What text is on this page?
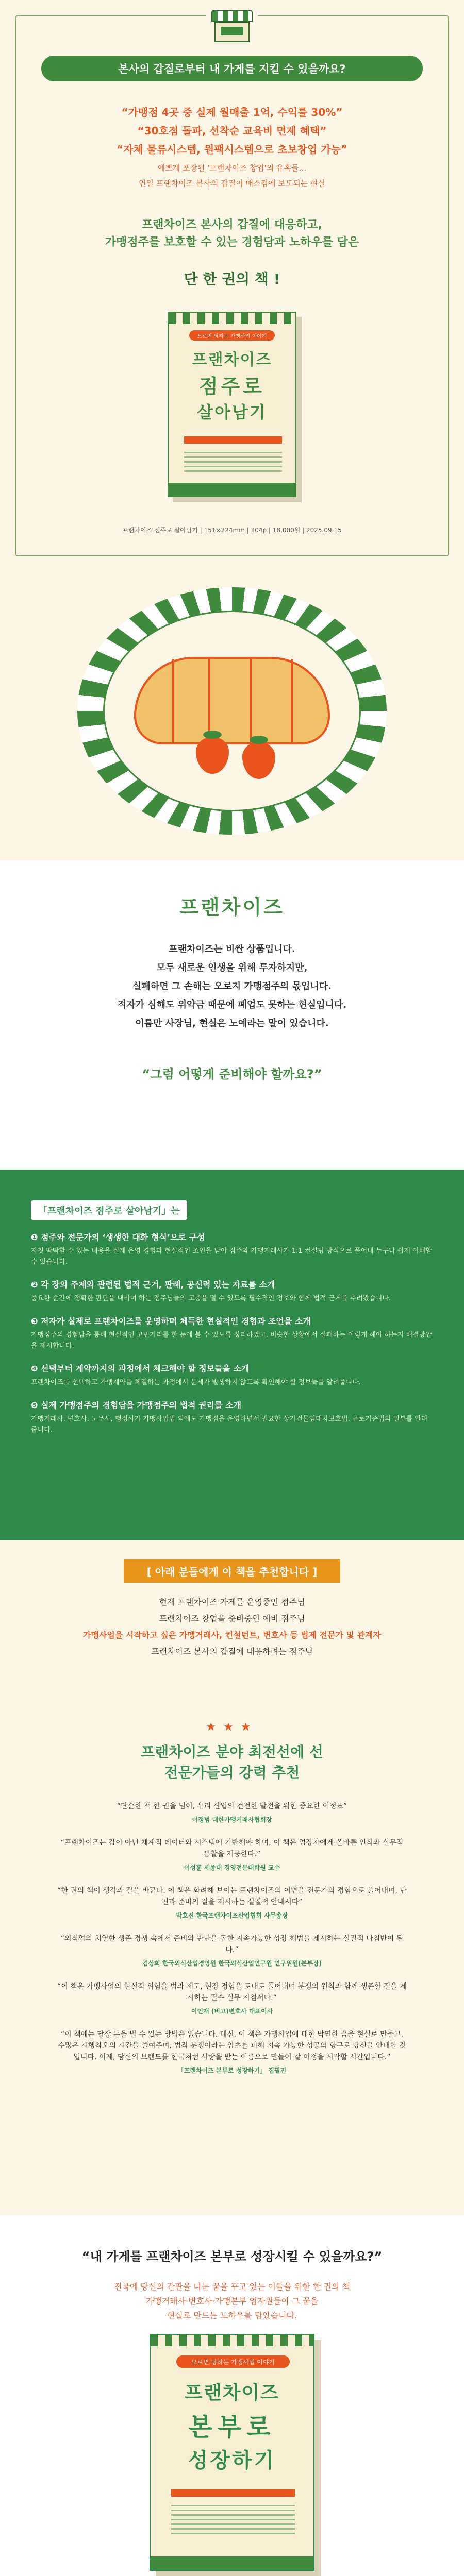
본사의 갑질로부터 내 가게를 지킬 수 있을까요?
“가맹점 4곳 중 실제 월매출 1억, 수익률 30%”
“30호점 돌파, 선착순 교육비 면제 혜택”
“자체 물류시스템, 원팩시스템으로 초보창업 가능”
예쁘게 포장된 '프랜차이즈 창업'의 유혹들…
연일 프랜차이즈 본사의 갑질이 매스컴에 보도되는 현실
프랜차이즈 본사의 갑질에 대응하고,
가맹점주를 보호할 수 있는 경험담과 노하우를 담은
단 한 권의 책 !
모르면 당하는 가맹사업 이야기
프랜차이즈
점주로
살아남기
프랜차이즈 점주로 살아남기 | 151×224mm | 204p | 18,000원 | 2025.09.15
프랜차이즈
프랜차이즈는 비싼 상품입니다.
모두 새로운 인생을 위해 투자하지만,
실패하면 그 손해는 오로지 가맹점주의 몫입니다.
적자가 심해도 위약금 때문에 폐업도 못하는 현실입니다.
이름만 사장님, 현실은 노예라는 말이 있습니다.
“그럼 어떻게 준비해야 할까요?”
「프랜차이즈 점주로 살아남기」는
❶ 점주와 전문가의 ‘생생한 대화 형식’으로 구성
자칫 딱딱할 수 있는 내용을 실제 운영 경험과 현실적인 조언을 담아 점주와 가맹거래사가 1:1 컨설팅 방식으로 풀어내 누구나 쉽게 이해할 수 있습니다.
❷ 각 장의 주제와 관련된 법적 근거, 판례, 공신력 있는 자료를 소개
중요한 순간에 정확한 판단을 내리며 하는 점주님들의 고충을 덜 수 있도록 필수적인 정보와 함께 법적 근거를 추려봤습니다.
❸ 저자가 실제로 프랜차이즈를 운영하며 체득한 현실적인 경험과 조언을 소개
가맹점주의 경험담을 통해 현실적인 고민거리를 한 눈에 볼 수 있도록 정리하였고, 비슷한 상황에서 실패하는 이렇게 해야 하는지 해결방안을 제시합니다.
❹ 선택부터 계약까지의 과정에서 체크해야 할 정보들을 소개
프랜차이즈를 선택하고 가맹계약을 체결하는 과정에서 문제가 발생하지 않도록 확인해야 할 정보들을 알려줍니다.
❺ 실제 가맹점주의 경험담을 가맹점주의 법적 권리를 소개
가맹거래사, 변호사, 노무사, 행정사가 가맹사업법 외에도 가맹점을 운영하면서 필요한 상가건물임대차보호법, 근로기준법의 일부를 알려줍니다.
[ 아래 분들에게 이 책을 추천합니다 ]
현재 프랜차이즈 가게를 운영중인 점주님
프랜차이즈 창업을 준비중인 예비 점주님
가맹사업을 시작하고 싶은 가맹거래사, 컨설턴트, 변호사 등 법제 전문가 및 관계자
프랜차이즈 본사의 갑질에 대응하려는 점주님
★★★
프랜차이즈 분야 최전선에 선
전문가들의 강력 추천
“단순한 책 한 권을 넘어, 우리 산업의 건전한 발전을 위한 중요한 이정표”
이정범 대한가맹거래사협회장
“프랜차이즈는 갑이 아닌 체계적 데이터와 시스템에 기반해야 하며, 이 책은 업장자에게 올바른 인식과 실무적 통찰을 제공한다.”
이성훈 세종대 경영전문대학원 교수
“한 권의 책이 생각과 길을 바꾼다. 이 책은 화려해 보이는 프랜차이즈의 이면을 전문가의 경험으로 풀어내며, 단편과 준비의 길을 제시하는 실질적 안내서다”
박호진 한국프랜차이즈산업협회 사무총장
“외식업의 치열한 생존 경쟁 속에서 준비와 판단을 돕한 지속가능한 성장 해법을 제시하는 실질적 나침반이 된다.”
김상희 한국외식산업경영원 한국외식산업연구원 연구위원(본부장)
“이 책은 가맹사업의 현실적 위험을 법과 제도, 현장 경험을 토대로 풀어내며 분쟁의 원칙과 함께 생존할 길을 제시하는 필수 실무 지침서다.”
이인재 (비고)변호사 대표이사
“이 책에는 당장 돈을 벌 수 있는 방법은 없습니다. 대신, 이 책은 가맹사업에 대한 막연한 꿈을 현실로 만들고, 수많은 시행착오의 시간을 줄여주며, 법적 분쟁이라는 암초를 피해 지속 가능한 성공의 항구로 당신을 안내할 것입니다. 이제, 당신의 브랜드를 한국처럼 사랑을 받는 이름으로 만들어 갈 여정을 시작할 시간입니다.”
「프랜차이즈 본부로 성장하기」 집필진
“내 가게를 프랜차이즈 본부로 성장시킬 수 있을까요?”
전국에 당신의 간판을 다는 꿈을 꾸고 있는 이들을 위한 한 권의 책
가맹거래사·변호사·가맹본부 업자원들이 그 꿈을
현실로 만드는 노하우를 담았습니다.
모르면 당하는 가맹사업 이야기
프랜차이즈
본부로
성장하기
